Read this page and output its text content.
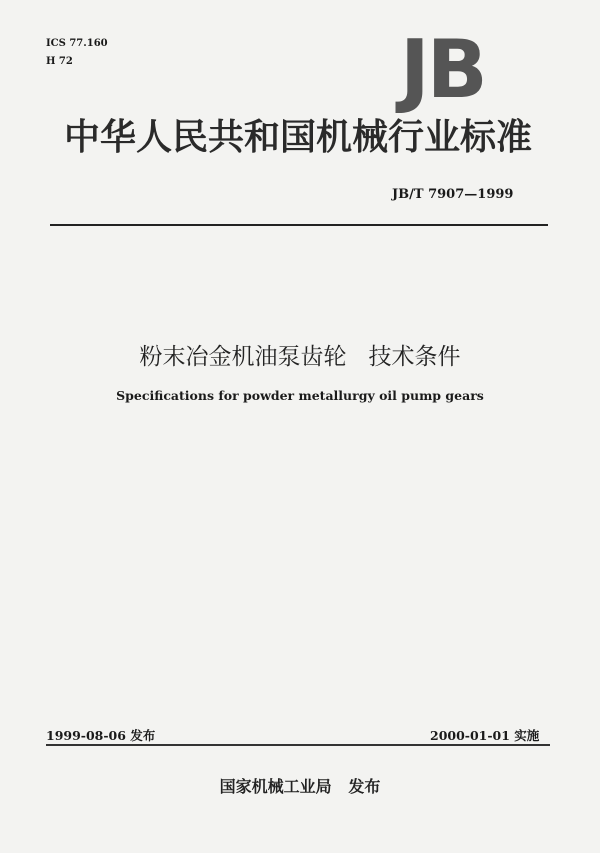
ICS 77.160
H 72	JB
中华人民共和国机械行业标准
JB/T 7907—1999
粉末冶金机油泵齿轮   技术条件
Specifications for powder metallurgy oil pump gears
1999-08-06 发布	2000-01-01 实施
国家机械工业局   发布
